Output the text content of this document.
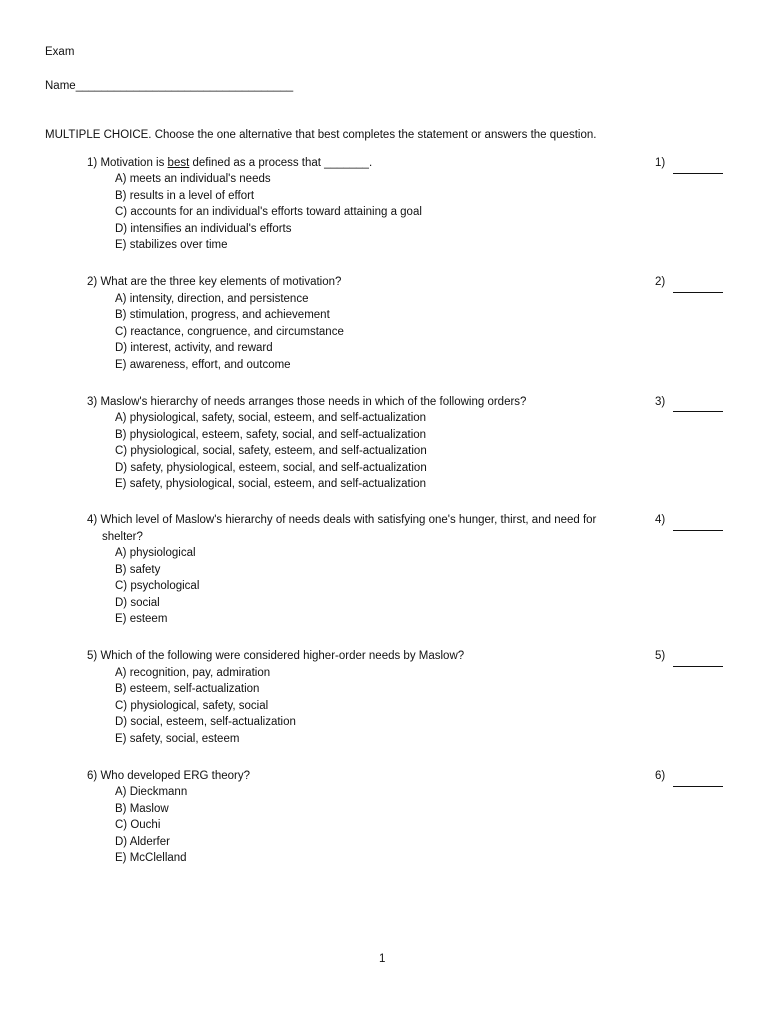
Exam
Name__________________________________
MULTIPLE CHOICE. Choose the one alternative that best completes the statement or answers the question.
1) Motivation is best defined as a process that _______.
A) meets an individual's needs
B) results in a level of effort
C) accounts for an individual's efforts toward attaining a goal
D) intensifies an individual's efforts
E) stabilizes over time
1)
2) What are the three key elements of motivation?
A) intensity, direction, and persistence
B) stimulation, progress, and achievement
C) reactance, congruence, and circumstance
D) interest, activity, and reward
E) awareness, effort, and outcome
2)
3) Maslow's hierarchy of needs arranges those needs in which of the following orders?
A) physiological, safety, social, esteem, and self-actualization
B) physiological, esteem, safety, social, and self-actualization
C) physiological, social, safety, esteem, and self-actualization
D) safety, physiological, esteem, social, and self-actualization
E) safety, physiological, social, esteem, and self-actualization
3)
4) Which level of Maslow's hierarchy of needs deals with satisfying one's hunger, thirst, and need for
shelter?
A) physiological
B) safety
C) psychological
D) social
E) esteem
4)
5) Which of the following were considered higher-order needs by Maslow?
A) recognition, pay, admiration
B) esteem, self-actualization
C) physiological, safety, social
D) social, esteem, self-actualization
E) safety, social, esteem
5)
6) Who developed ERG theory?
A) Dieckmann
B) Maslow
C) Ouchi
D) Alderfer
E) McClelland
6)
1
